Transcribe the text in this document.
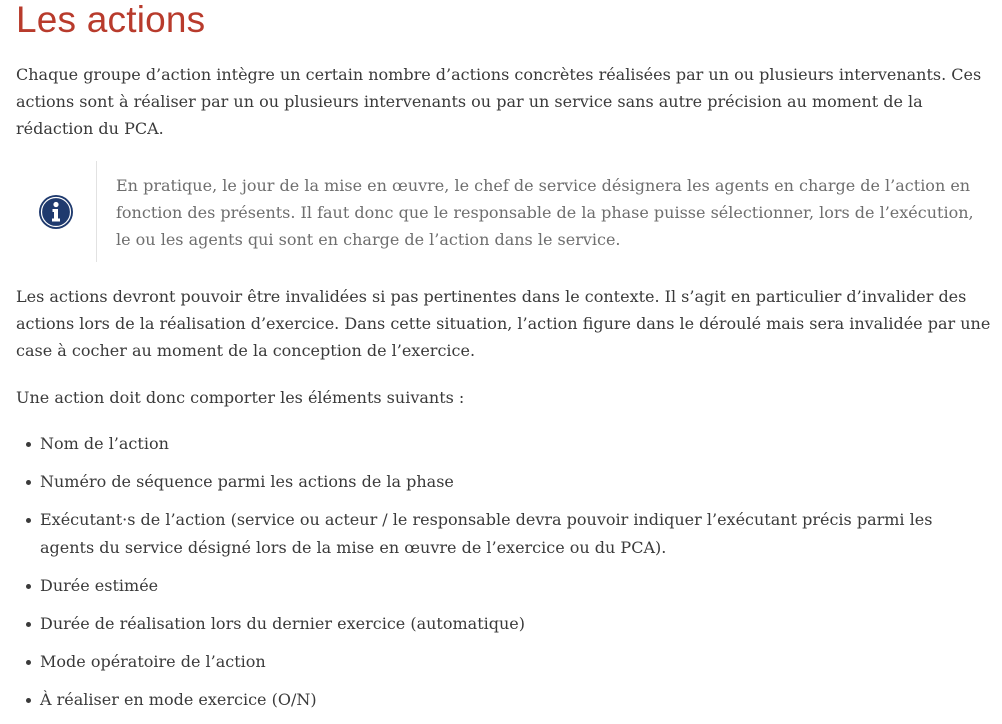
Les actions

Chaque groupe d’action intègre un certain nombre d’actions concrètes réalisées par un ou plusieurs intervenants. Ces actions sont à réaliser par un ou plusieurs intervenants ou par un service sans autre précision au moment de la rédaction du PCA.

En pratique, le jour de la mise en œuvre, le chef de service désignera les agents en charge de l’action en fonction des présents. Il faut donc que le responsable de la phase puisse sélectionner, lors de l’exécution, le ou les agents qui sont en charge de l’action dans le service.

Les actions devront pouvoir être invalidées si pas pertinentes dans le contexte. Il s’agit en particulier d’invalider des actions lors de la réalisation d’exercice. Dans cette situation, l’action figure dans le déroulé mais sera invalidée par une case à cocher au moment de la conception de l’exercice.

Une action doit donc comporter les éléments suivants :

Nom de l’action
Numéro de séquence parmi les actions de la phase
Exécutant·s de l’action (service ou acteur / le responsable devra pouvoir indiquer l’exécutant précis parmi les agents du service désigné lors de la mise en œuvre de l’exercice ou du PCA).
Durée estimée
Durée de réalisation lors du dernier exercice (automatique)
Mode opératoire de l’action
À réaliser en mode exercice (O/N)
